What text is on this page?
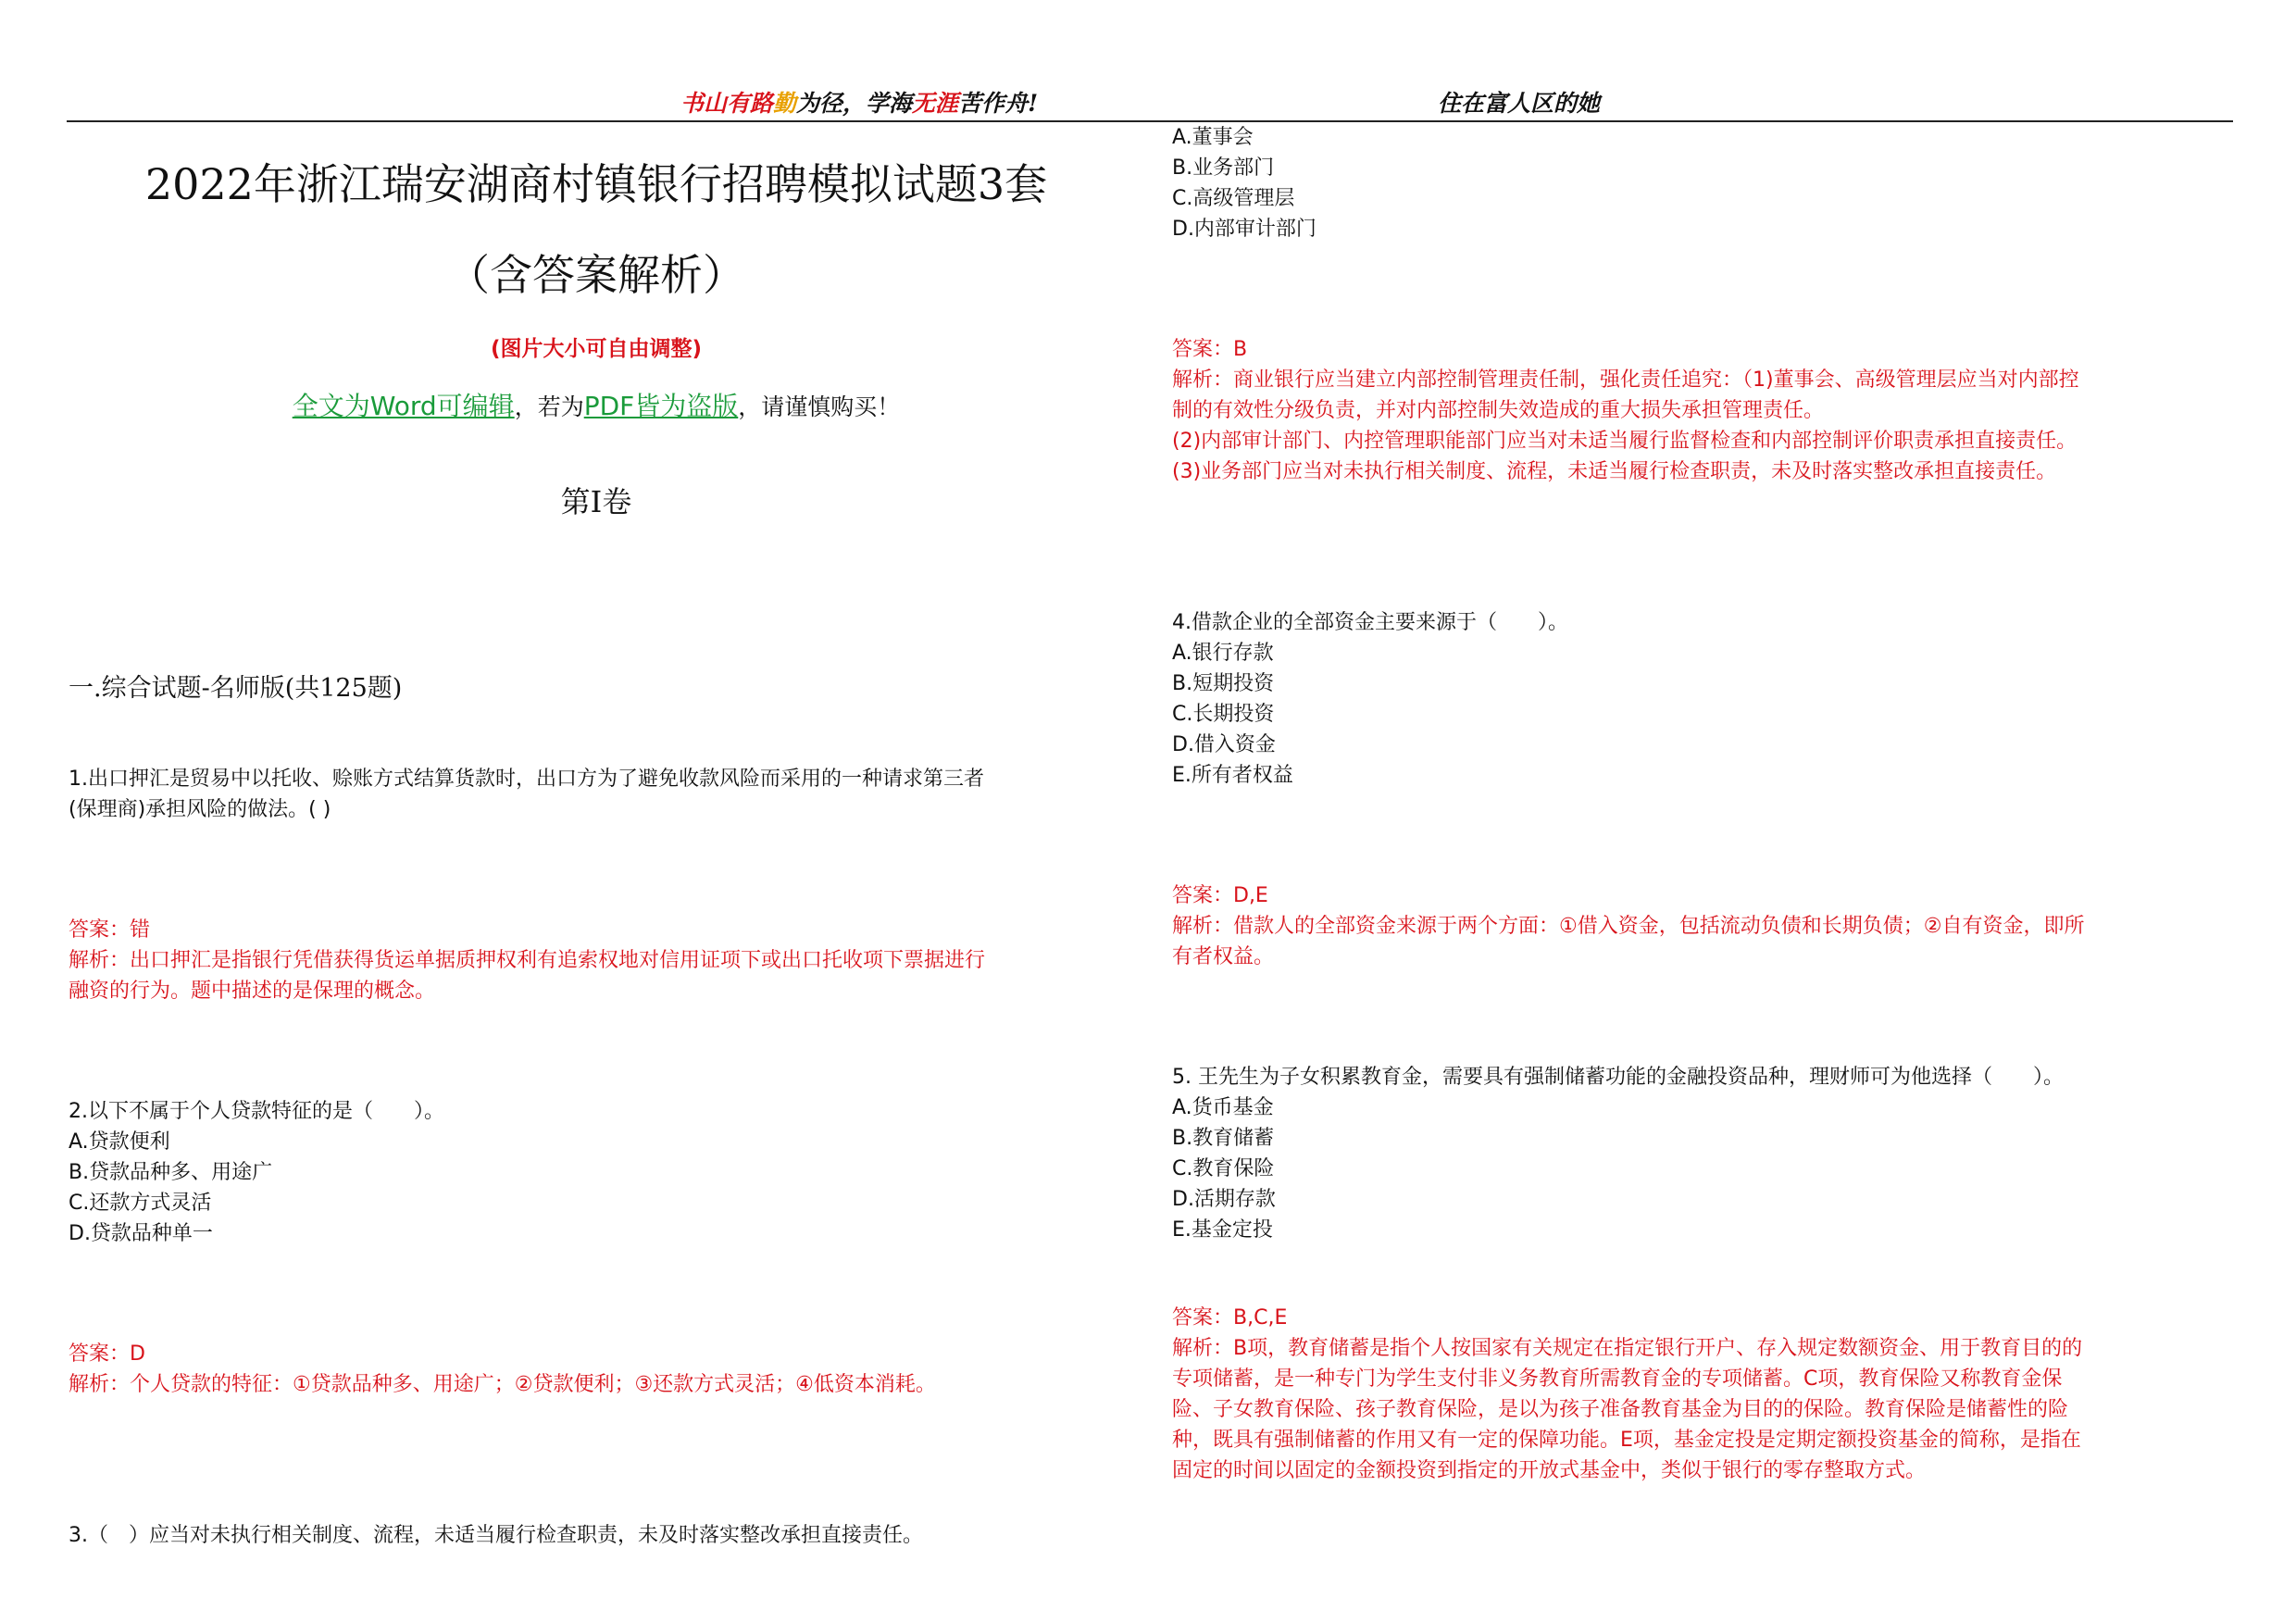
书山有路勤为径，学海无涯苦作舟!	住在富人区的她
2022年浙江瑞安湖商村镇银行招聘模拟试题3套
（含答案解析）
(图片大小可自由调整)
全文为Word可编辑，若为PDF皆为盗版，请谨慎购买！
第Ⅰ卷
一.综合试题-名师版(共125题)
1.出口押汇是贸易中以托收、赊账方式结算货款时，出口方为了避免收款风险而采用的一种请求第三者
(保理商)承担风险的做法。( )
答案：错
解析：出口押汇是指银行凭借获得货运单据质押权利有追索权地对信用证项下或出口托收项下票据进行
融资的行为。题中描述的是保理的概念。
2.以下不属于个人贷款特征的是（　　）。
A.贷款便利
B.贷款品种多、用途广
C.还款方式灵活
D.贷款品种单一
答案：D
解析：个人贷款的特征：①贷款品种多、用途广；②贷款便利；③还款方式灵活；④低资本消耗。
3.（　）应当对未执行相关制度、流程，未适当履行检查职责，未及时落实整改承担直接责任。
A.董事会
B.业务部门
C.高级管理层
D.内部审计部门
答案：B
解析：商业银行应当建立内部控制管理责任制，强化责任追究：（1)董事会、高级管理层应当对内部控
制的有效性分级负责，并对内部控制失效造成的重大损失承担管理责任。
(2)内部审计部门、内控管理职能部门应当对未适当履行监督检查和内部控制评价职责承担直接责任。
(3)业务部门应当对未执行相关制度、流程，未适当履行检查职责，未及时落实整改承担直接责任。
4.借款企业的全部资金主要来源于（　　）。
A.银行存款
B.短期投资
C.长期投资
D.借入资金
E.所有者权益
答案：D,E
解析：借款人的全部资金来源于两个方面：①借入资金，包括流动负债和长期负债；②自有资金，即所
有者权益。
5. 王先生为子女积累教育金，需要具有强制储蓄功能的金融投资品种，理财师可为他选择（　　）。
A.货币基金
B.教育储蓄
C.教育保险
D.活期存款
E.基金定投
答案：B,C,E
解析：B项，教育储蓄是指个人按国家有关规定在指定银行开户、存入规定数额资金、用于教育目的的
专项储蓄，是一种专门为学生支付非义务教育所需教育金的专项储蓄。C项，教育保险又称教育金保
险、子女教育保险、孩子教育保险，是以为孩子准备教育基金为目的的保险。教育保险是储蓄性的险
种，既具有强制储蓄的作用又有一定的保障功能。E项，基金定投是定期定额投资基金的简称，是指在
固定的时间以固定的金额投资到指定的开放式基金中，类似于银行的零存整取方式。
